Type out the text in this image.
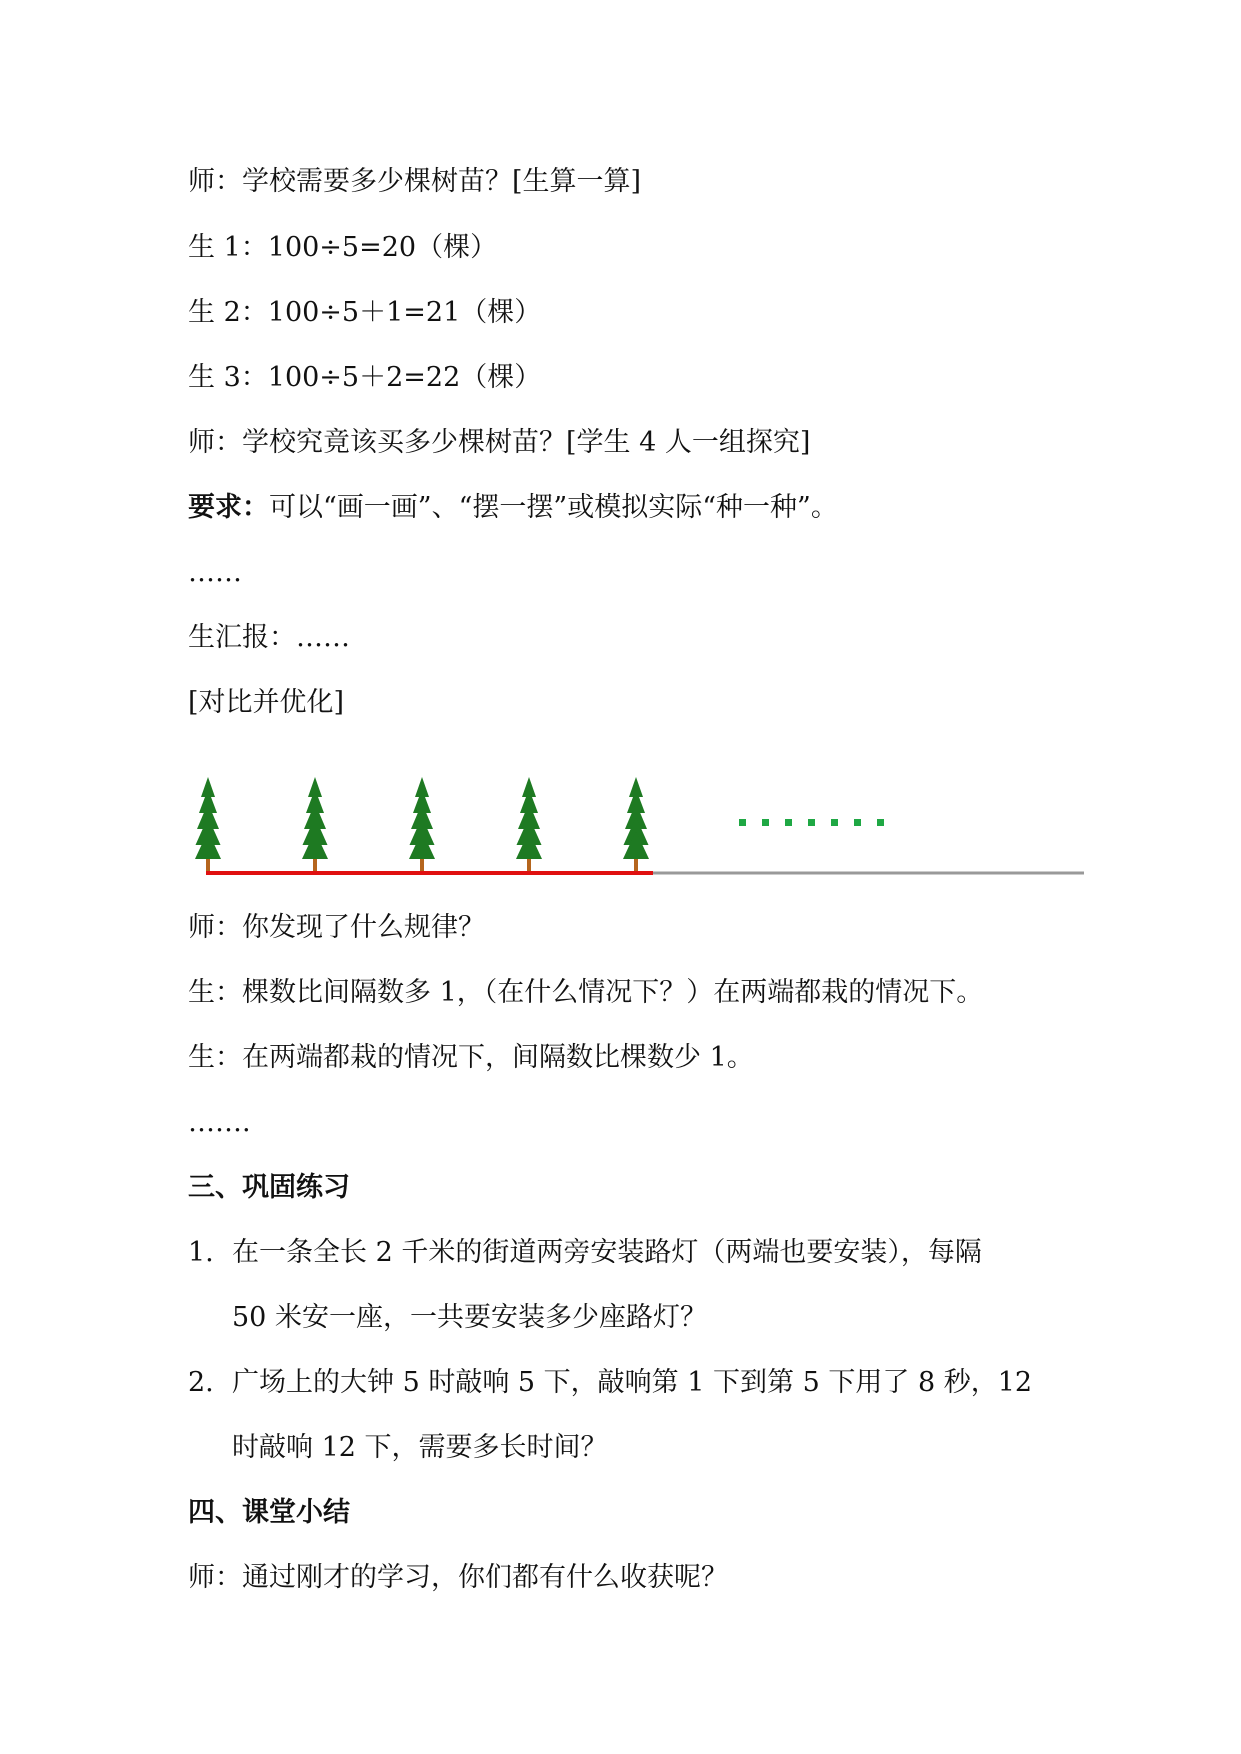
师：学校需要多少棵树苗？[生算一算]
生 1：100÷5=20（棵）
生 2：100÷5＋1=21（棵）
生 3：100÷5＋2=22（棵）
师：学校究竟该买多少棵树苗？[学生 4 人一组探究]
要求：可以“画一画”、“摆一摆”或模拟实际“种一种”。
……
生汇报：……
[对比并优化]
师：你发现了什么规律？
生：棵数比间隔数多 1，（在什么情况下？）在两端都栽的情况下。
生：在两端都栽的情况下，间隔数比棵数少 1。
…….
三、巩固练习
1. 在一条全长 2 千米的街道两旁安装路灯（两端也要安装），每隔
50 米安一座，一共要安装多少座路灯？
2. 广场上的大钟 5 时敲响 5 下，敲响第 1 下到第 5 下用了 8 秒，12
时敲响 12 下，需要多长时间？
四、课堂小结
师：通过刚才的学习，你们都有什么收获呢？
